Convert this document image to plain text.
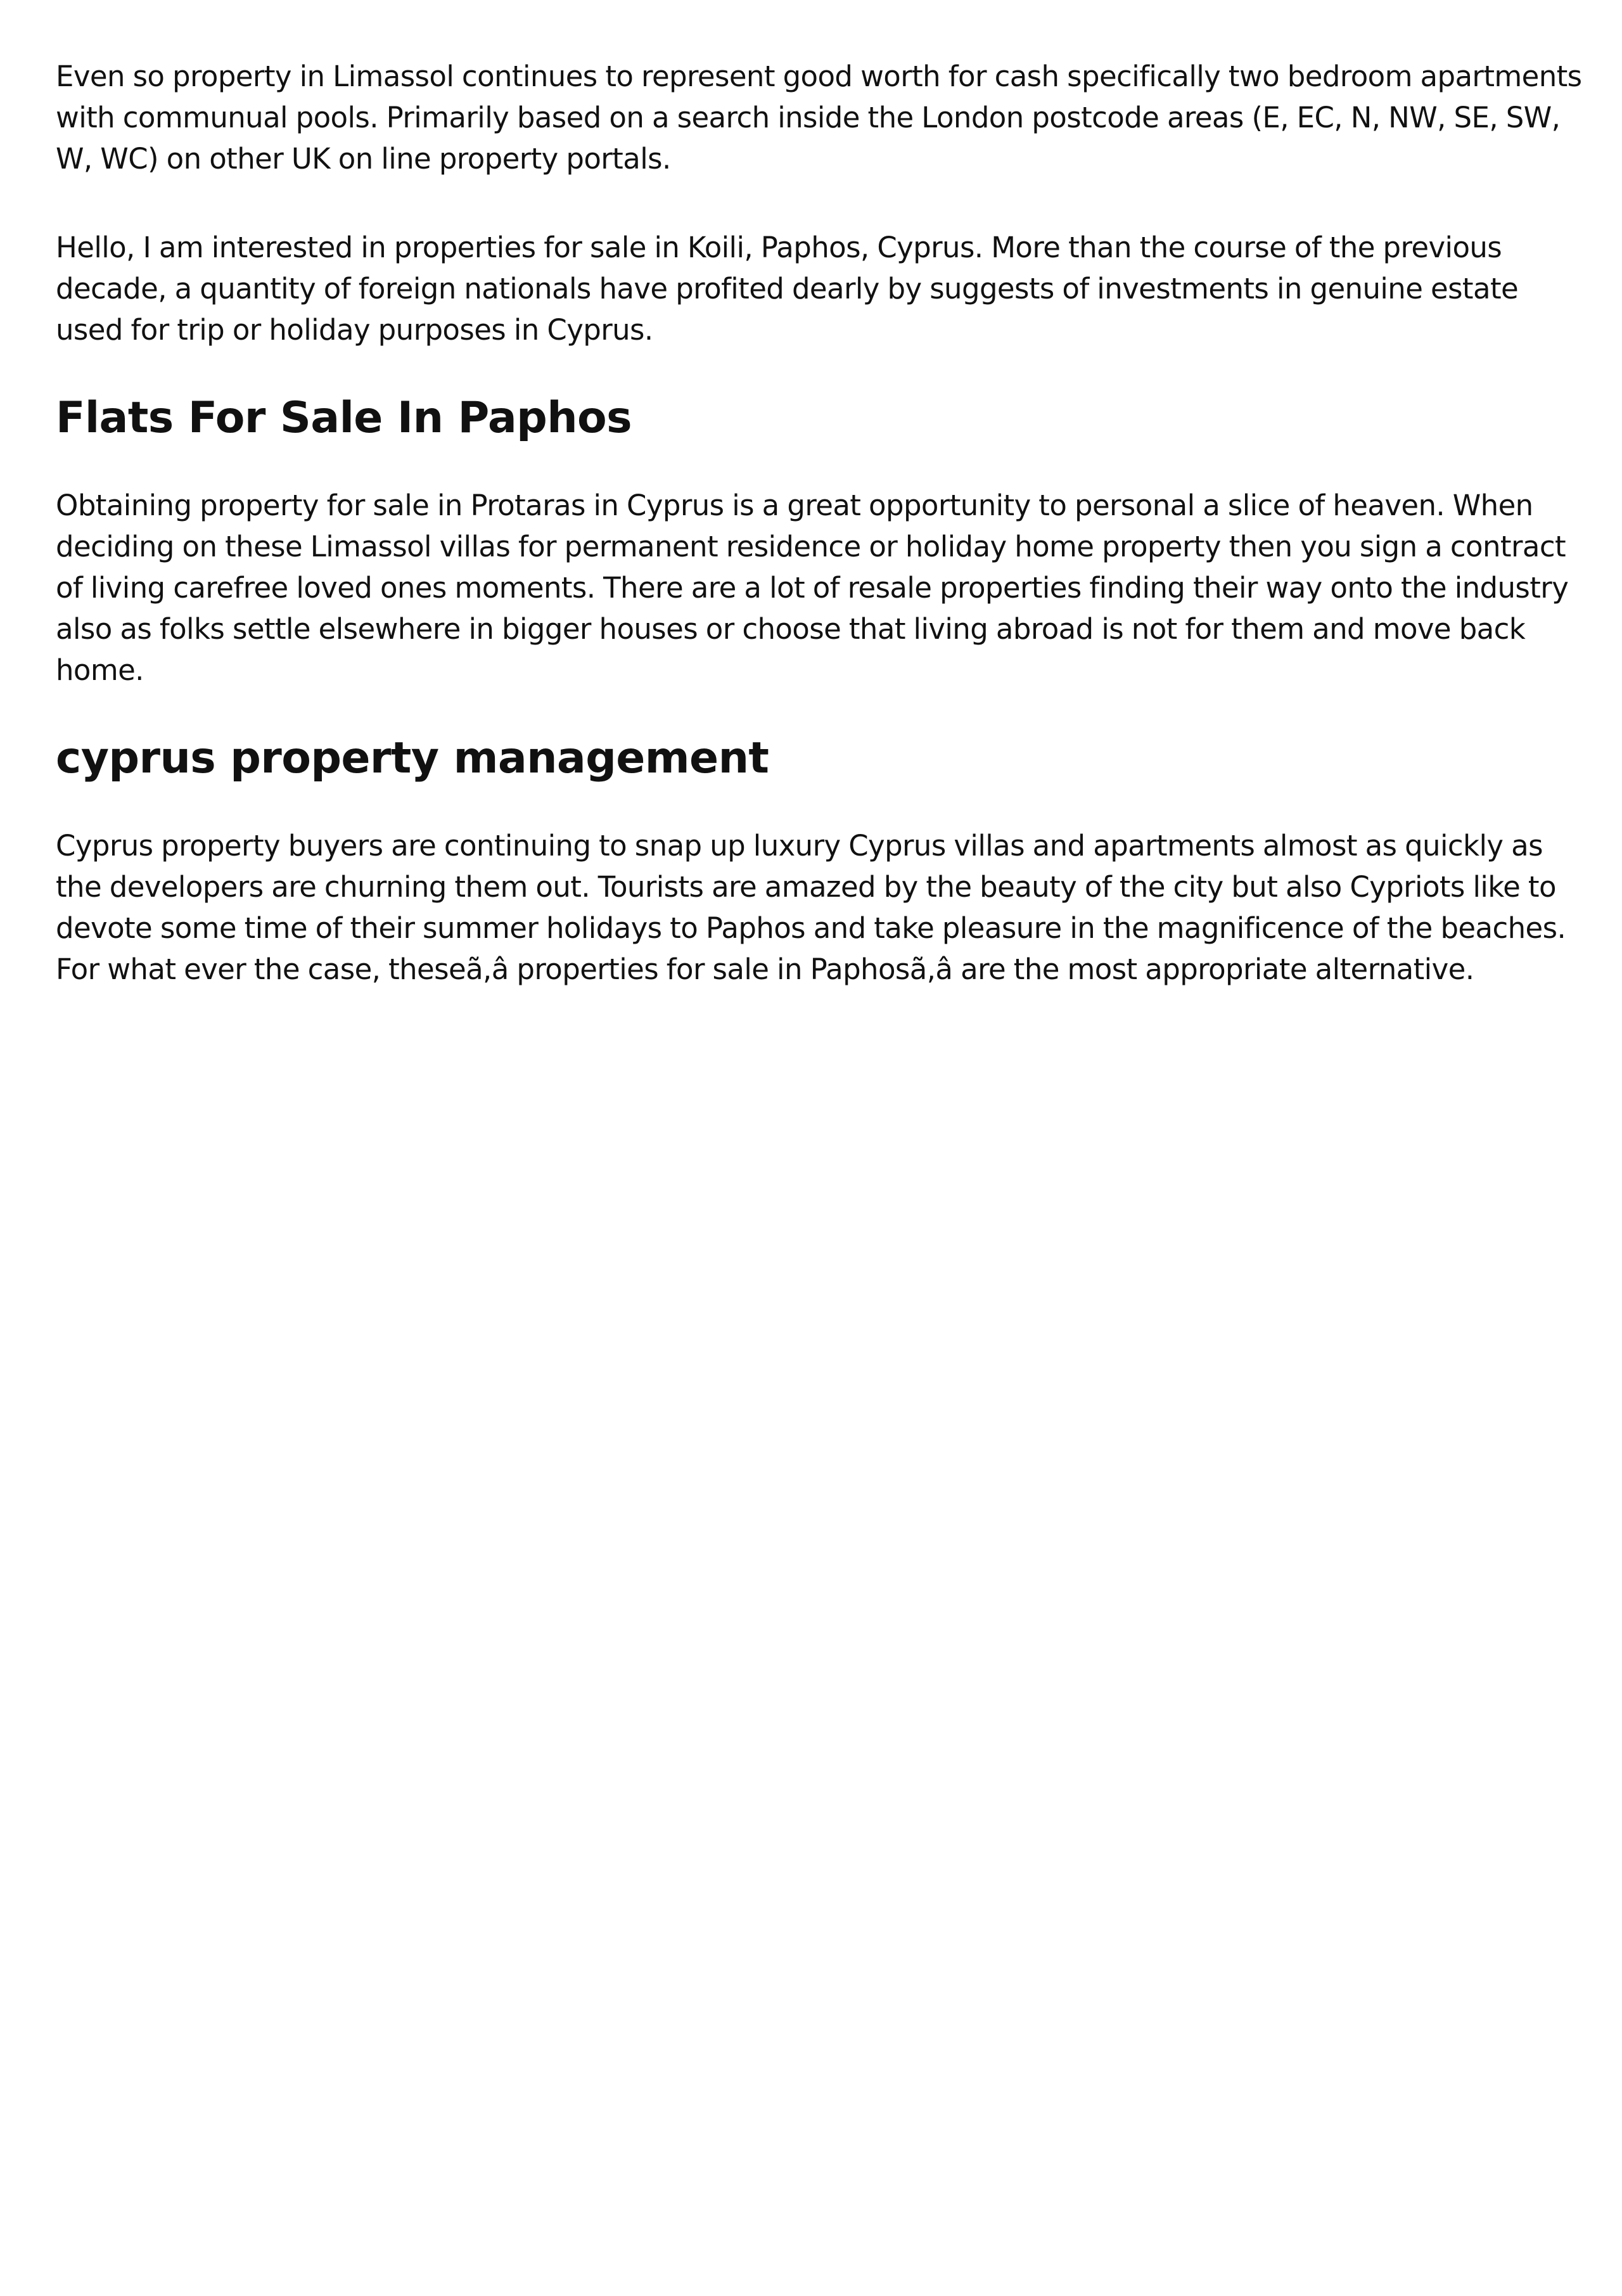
Even so property in Limassol continues to represent good worth for cash specifically two bedroom apartments with communual pools. Primarily based on a search inside the London postcode areas (E, EC, N, NW, SE, SW, W, WC) on other UK on line property portals.

Hello, I am interested in properties for sale in Koili, Paphos, Cyprus. More than the course of the previous decade, a quantity of foreign nationals have profited dearly by suggests of investments in genuine estate used for trip or holiday purposes in Cyprus.

Flats For Sale In Paphos

Obtaining property for sale in Protaras in Cyprus is a great opportunity to personal a slice of heaven. When deciding on these Limassol villas for permanent residence or holiday home property then you sign a contract of living carefree loved ones moments. There are a lot of resale properties finding their way onto the industry also as folks settle elsewhere in bigger houses or choose that living abroad is not for them and move back home.

cyprus property management

Cyprus property buyers are continuing to snap up luxury Cyprus villas and apartments almost as quickly as the developers are churning them out. Tourists are amazed by the beauty of the city but also Cypriots like to devote some time of their summer holidays to Paphos and take pleasure in the magnificence of the beaches. For what ever the case, theseã,â properties for sale in Paphosã,â are the most appropriate alternative.
